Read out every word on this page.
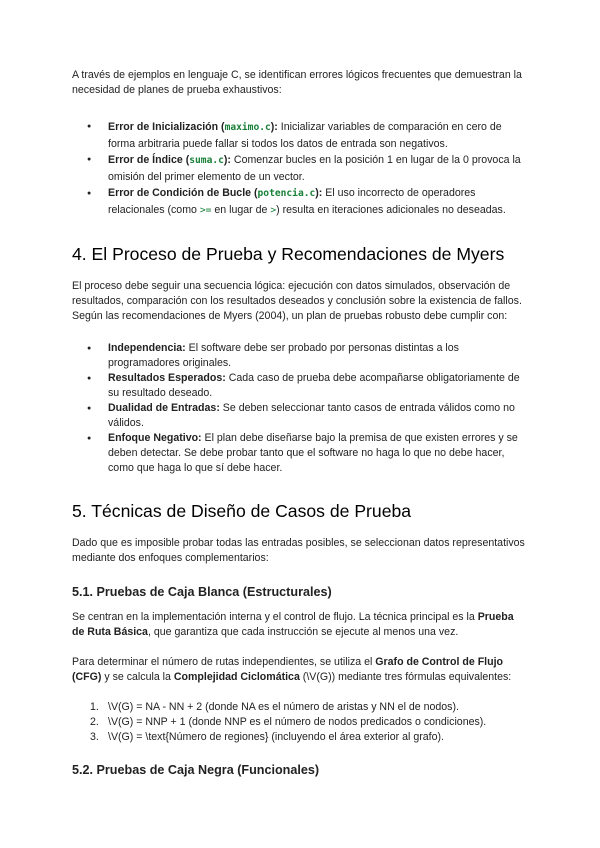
A través de ejemplos en lenguaje C, se identifican errores lógicos frecuentes que demuestran la necesidad de planes de prueba exhaustivos:

● Error de Inicialización (maximo.c): Inicializar variables de comparación en cero de forma arbitraria puede fallar si todos los datos de entrada son negativos.
● Error de Índice (suma.c): Comenzar bucles en la posición 1 en lugar de la 0 provoca la omisión del primer elemento de un vector.
● Error de Condición de Bucle (potencia.c): El uso incorrecto de operadores relacionales (como >= en lugar de >) resulta en iteraciones adicionales no deseadas.
4. El Proceso de Prueba y Recomendaciones de Myers

El proceso debe seguir una secuencia lógica: ejecución con datos simulados, observación de resultados, comparación con los resultados deseados y conclusión sobre la existencia de fallos. Según las recomendaciones de Myers (2004), un plan de pruebas robusto debe cumplir con:

● Independencia: El software debe ser probado por personas distintas a los programadores originales.
● Resultados Esperados: Cada caso de prueba debe acompañarse obligatoriamente de su resultado deseado.
● Dualidad de Entradas: Se deben seleccionar tanto casos de entrada válidos como no válidos.
● Enfoque Negativo: El plan debe diseñarse bajo la premisa de que existen errores y se deben detectar. Se debe probar tanto que el software no haga lo que no debe hacer, como que haga lo que sí debe hacer.
5. Técnicas de Diseño de Casos de Prueba

Dado que es imposible probar todas las entradas posibles, se seleccionan datos representativos mediante dos enfoques complementarios:

5.1. Pruebas de Caja Blanca (Estructurales)

Se centran en la implementación interna y el control de flujo. La técnica principal es la Prueba de Ruta Básica, que garantiza que cada instrucción se ejecute al menos una vez.

Para determinar el número de rutas independientes, se utiliza el Grafo de Control de Flujo (CFG) y se calcula la Complejidad Ciclomática (\V(G)) mediante tres fórmulas equivalentes:

1. \V(G) = NA - NN + 2 (donde NA es el número de aristas y NN el de nodos).
2. \V(G) = NNP + 1 (donde NNP es el número de nodos predicados o condiciones).
3. \V(G) = \text{Número de regiones} (incluyendo el área exterior al grafo).
5.2. Pruebas de Caja Negra (Funcionales)
